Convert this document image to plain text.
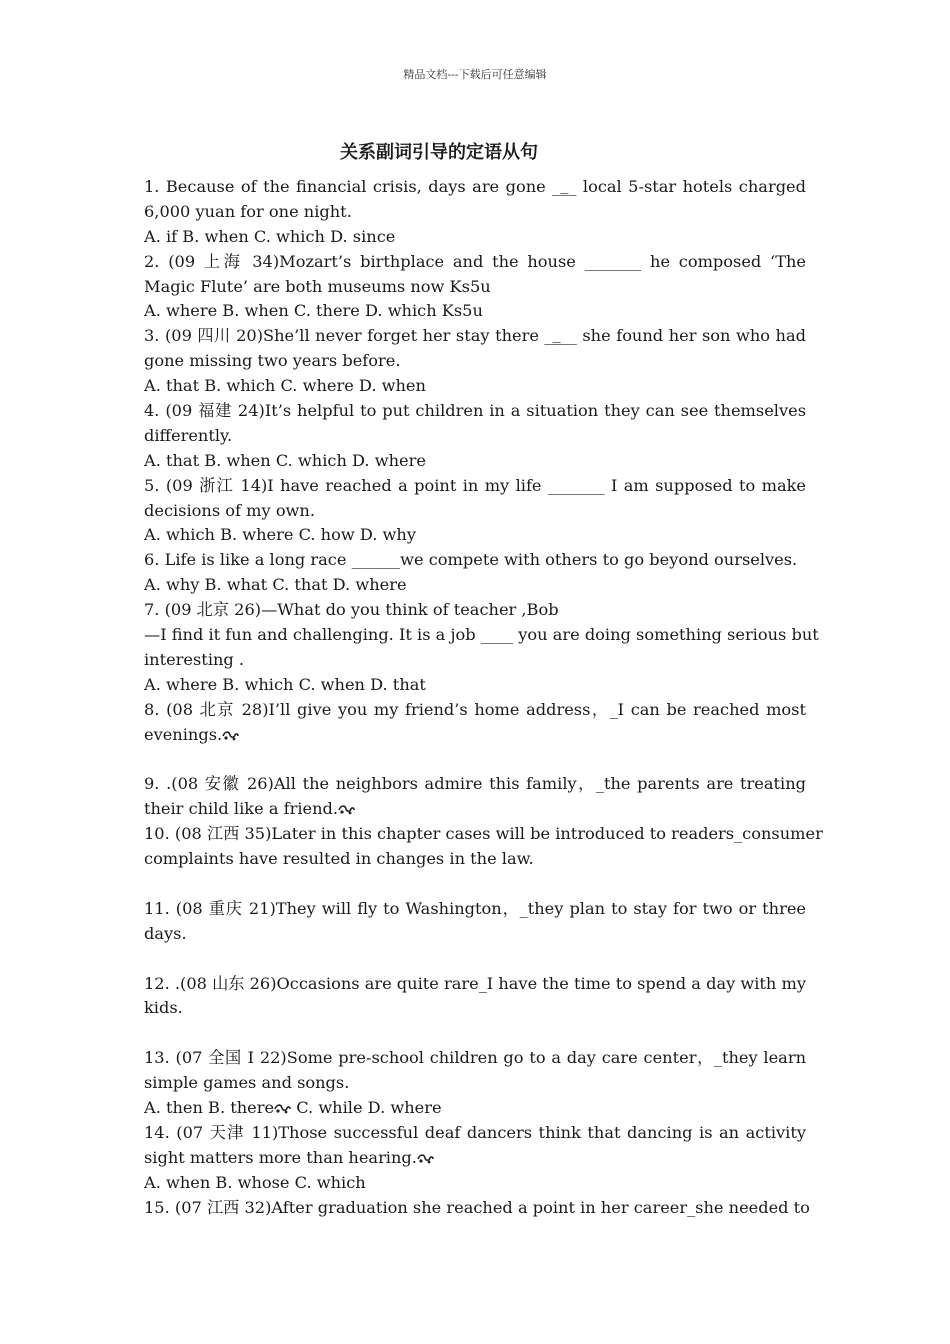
精品文档---下载后可任意编辑
关系副词引导的定语从句
1. Because of the financial crisis, days are gone _‗_ local 5-star hotels charged
6,000 yuan for one night.
A. if B. when C. which D. since
2. (09 上海 34)Mozart’s birthplace and the house _______ he composed ‘The
Magic Flute’ are both museums now Ks5u
A. where B. when C. there D. which Ks5u
3. (09 四川 20)She’ll never forget her stay there _‗__ she found her son who had
gone missing two years before.
A. that B. which C. where D. when
4. (09 福建 24)It’s helpful to put children in a situation they can see themselves
differently.
A. that B. when C. which D. where
5. (09 浙江 14)I have reached a point in my life _______ I am supposed to make
decisions of my own.
A. which B. where C. how D. why
6. Life is like a long race ______we compete with others to go beyond ourselves.
A. why B. what C. that D. where
7. (09 北京 26)—What do you think of teacher ,Bob
—I find it fun and challenging. It is a job ____ you are doing something serious but
interesting .
A. where B. which C. when D. that
8. (08 北京 28)I’ll give you my friend’s home address，_I can be reached most
evenings.
9. .(08 安徽 26)All the neighbors admire this family，_the parents are treating
their child like a friend.
10. (08 江西 35)Later in this chapter cases will be introduced to readers_consumer
complaints have resulted in changes in the law.
11. (08 重庆 21)They will fly to Washington，_they plan to stay for two or three
days.
12. .(08 山东 26)Occasions are quite rare_I have the time to spend a day with my
kids.
13. (07 全国 I 22)Some pre-school children go to a day care center，_they learn
simple games and songs.
A. then B. there C. while D. where
14. (07 天津 11)Those successful deaf dancers think that dancing is an activity
sight matters more than hearing.
A. when B. whose C. which
15. (07 江西 32)After graduation she reached a point in her career_she needed to
